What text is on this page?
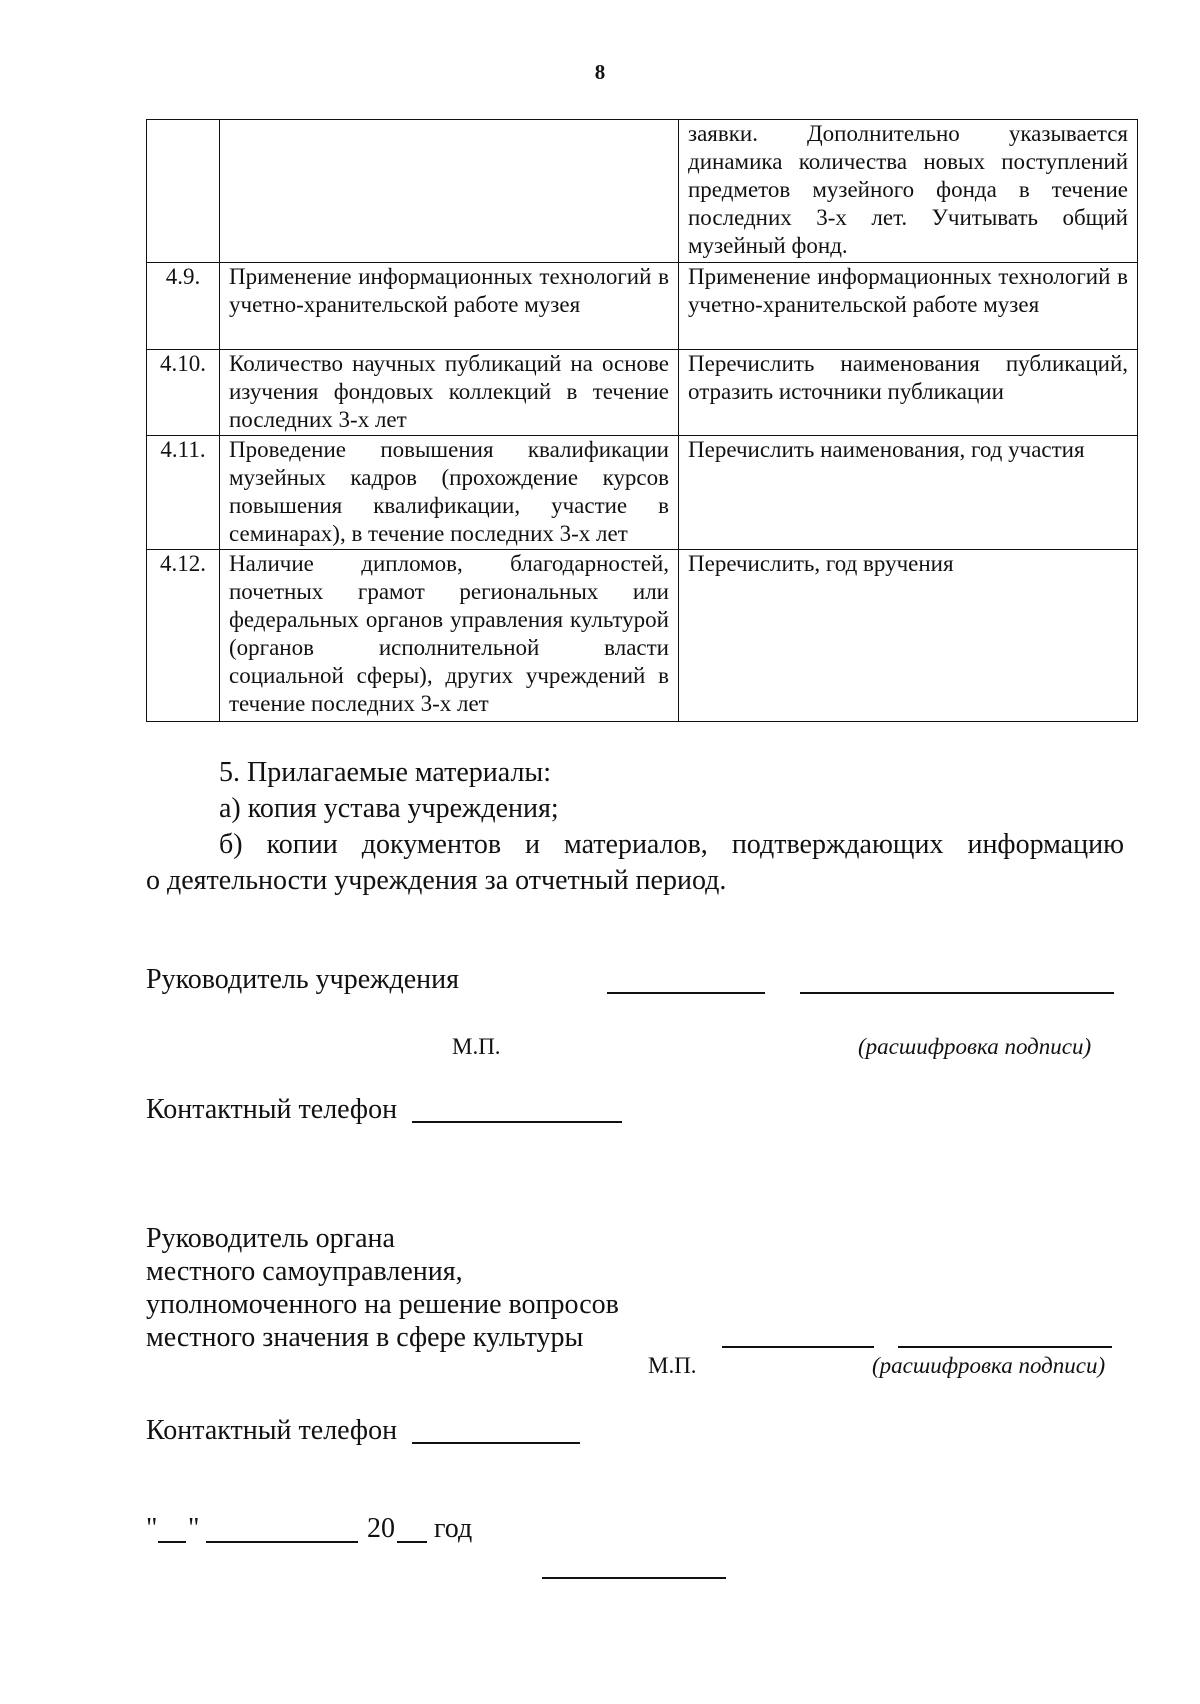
8
		заявки. Дополнительно указывается динамика количества новых поступлений предметов музейного фонда в течение последних 3-х лет. Учитывать общий музейный фонд.
4.9.	Применение информационных технологий в учетно-хранительской работе музея	Применение информационных технологий в учетно-хранительской работе музея
4.10.	Количество научных публикаций на основе изучения фондовых коллекций в течение последних 3-х лет	Перечислить наименования публикаций, отразить источники публикации
4.11.	Проведение повышения квалификации музейных кадров (прохождение курсов повышения квалификации, участие в семинарах), в течение последних 3-х лет	Перечислить наименования, год участия
4.12.	Наличие дипломов, благодарностей, почетных грамот региональных или федеральных органов управления культурой (органов исполнительной власти социальной сферы), других учреждений в течение последних 3-х лет	Перечислить, год вручения
5. Прилагаемые материалы:
а) копия устава учреждения;
б) копии документов и материалов, подтверждающих информацию
о деятельности учреждения за отчетный период.
Руководитель учреждения
М.П.	(расшифровка подписи)
Контактный телефон
Руководитель органа
местного самоуправления,
уполномоченного на решение вопросов
местного значения в сфере культуры
М.П.	(расшифровка подписи)
Контактный телефон
" "	20 год
